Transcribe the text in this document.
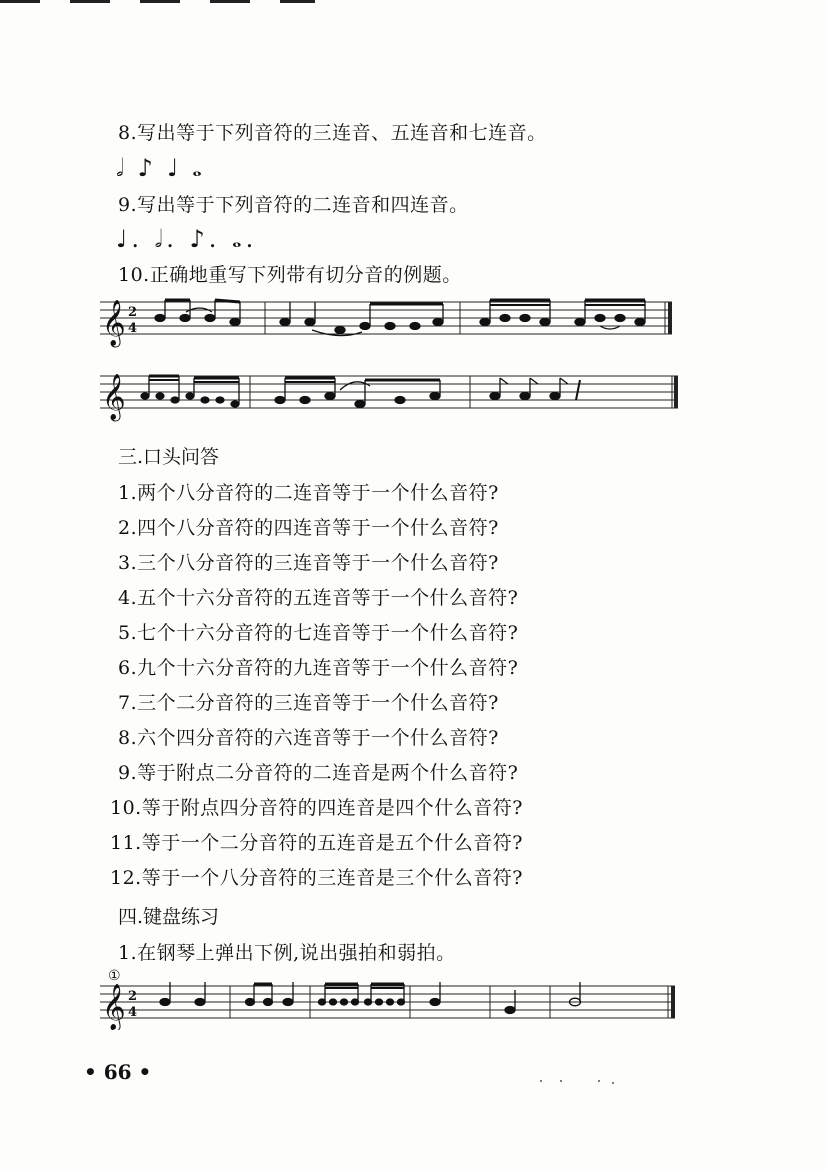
8.写出等于下列音符的三连音、五连音和七连音。
𝅗𝅥♪♩𝅝
9.写出等于下列音符的二连音和四连音。
♩. 𝅗𝅥. ♪. 𝅝.
10.正确地重写下列带有切分音的例题。
𝄞 2
4
𝄞
三.口头问答
1.两个八分音符的二连音等于一个什么音符?
2.四个八分音符的四连音等于一个什么音符?
3.三个八分音符的三连音等于一个什么音符?
4.五个十六分音符的五连音等于一个什么音符?
5.七个十六分音符的七连音等于一个什么音符?
6.九个十六分音符的九连音等于一个什么音符?
7.三个二分音符的三连音等于一个什么音符?
8.六个四分音符的六连音等于一个什么音符?
9.等于附点二分音符的二连音是两个什么音符?
10.等于附点四分音符的四连音是四个什么音符?
11.等于一个二分音符的五连音是五个什么音符?
12.等于一个八分音符的三连音是三个什么音符?
四.键盘练习
1.在钢琴上弹出下例,说出强拍和弱拍。
①
𝄞 2
4
• 66 •
